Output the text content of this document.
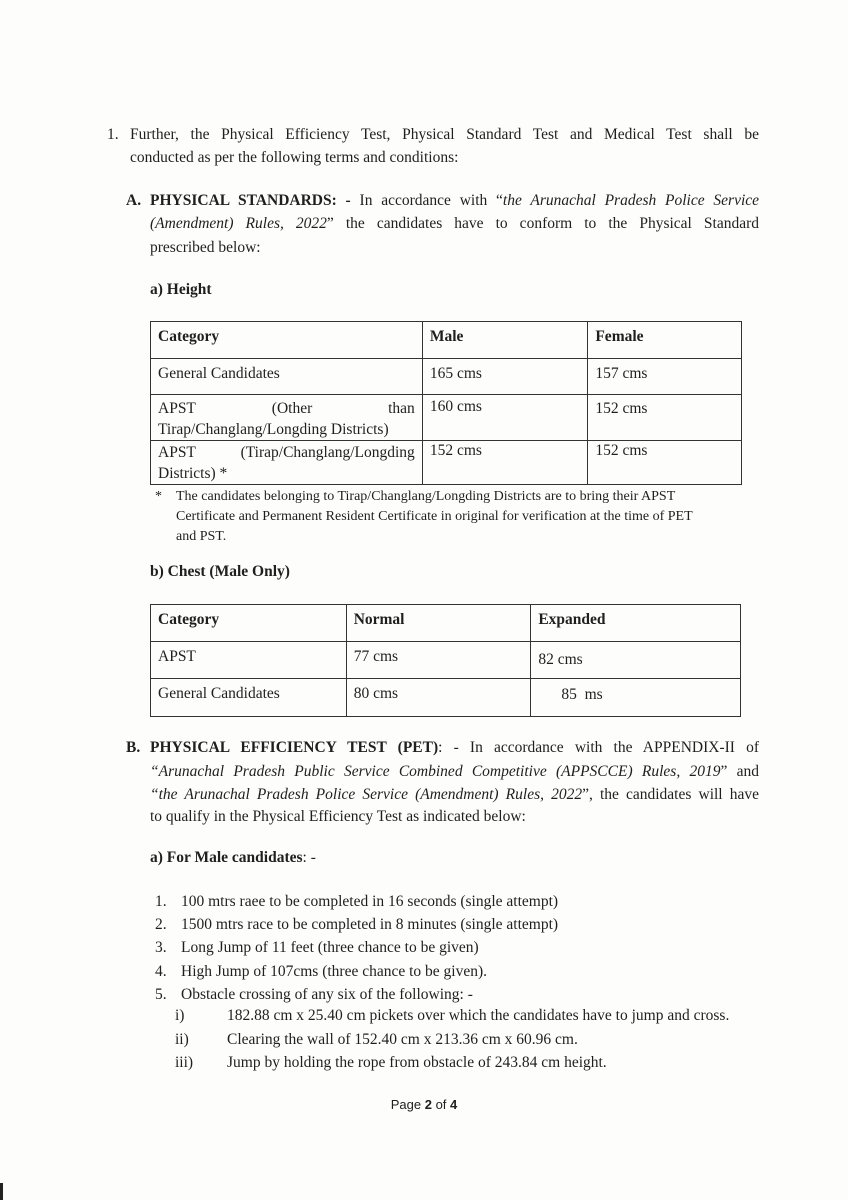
1. Further, the Physical Efficiency Test, Physical Standard Test and Medical Test shall be
conducted as per the following terms and conditions:
A. PHYSICAL STANDARDS: - In accordance with “the Arunachal Pradesh Police Service
(Amendment) Rules, 2022” the candidates have to conform to the Physical Standard
prescribed below:
a) Height
Category	Male	Female
General Candidates	165 cms	157 cms

APST (Other than
Tirap/Changlang/Longding Districts)	160 cms	152 cms

APST (Tirap/Changlang/Longding
Districts) *	152 cms	152 cms
* The candidates belonging to Tirap/Changlang/Longding Districts are to bring their APST
Certificate and Permanent Resident Certificate in original for verification at the time of PET
and PST.
b) Chest (Male Only)
Category	Normal	Expanded
APST	77 cms	82 cms
General Candidates	80 cms	85  ms
B. PHYSICAL EFFICIENCY TEST (PET): - In accordance with the APPENDIX-II of
“Arunachal Pradesh Public Service Combined Competitive (APPSCCE) Rules, 2019” and
“the Arunachal Pradesh Police Service (Amendment) Rules, 2022”, the candidates will have
to qualify in the Physical Efficiency Test as indicated below:
a) For Male candidates: -
1. 100 mtrs raee to be completed in 16 seconds (single attempt)
2. 1500 mtrs race to be completed in 8 minutes (single attempt)
3. Long Jump of 11 feet (three chance to be given)
4. High Jump of 107cms (three chance to be given).
5. Obstacle crossing of any six of the following: -
i)	182.88 cm x 25.40 cm pickets over which the candidates have to jump and cross.
ii) Clearing the wall of 152.40 cm x 213.36 cm x 60.96 cm.
iii) Jump by holding the rope from obstacle of 243.84 cm height.
Page 2 of 4
